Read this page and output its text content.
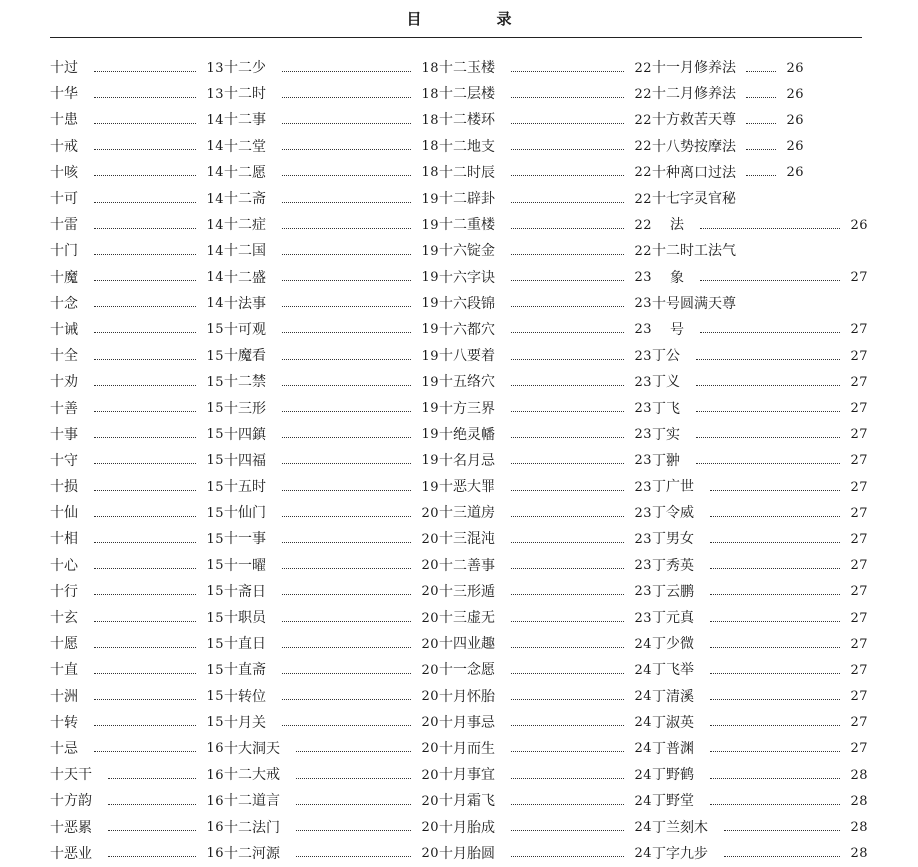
目　录
十过	13
十华	13
十患	14
十戒	14
十咳	14
十可	14
十雷	14
十门	14
十魔	14
十念	14
十诫	15
十全	15
十劝	15
十善	15
十事	15
十守	15
十损	15
十仙	15
十相	15
十心	15
十行	15
十玄	15
十愿	15
十直	15
十洲	15
十转	15
十忌	16
十天干	16
十方韵	16
十恶累	16
十恶业	16
十二少	18
十二时	18
十二事	18
十二堂	18
十二愿	18
十二斋	19
十二症	19
十二国	19
十二盛	19
十法事	19
十可观	19
十魔看	19
十二禁	19
十三形	19
十四鎮	19
十四福	19
十五时	19
十仙门	20
十一事	20
十一曜	20
十斋日	20
十职员	20
十直日	20
十直斋	20
十转位	20
十月关	20
十大洞天	20
十二大戒	20
十二道言	20
十二法门	20
十二河源	20
十二玉楼	22
十二层楼	22
十二楼环	22
十二地支	22
十二时辰	22
十二辟卦	22
十二重楼	22
十六锭金	22
十六字诀	23
十六段锦	23
十六都穴	23
十八要着	23
十五络穴	23
十方三界	23
十绝灵幡	23
十名月忌	23
十恶大罪	23
十三道房	23
十三混沌	23
十二善事	23
十三形遁	23
十三虚无	23
十四业趣	24
十一念愿	24
十月怀胎	24
十月事忌	24
十月而生	24
十月事宜	24
十月霜飞	24
十月胎成	24
十月胎圆	24
十一月修养法	26
十二月修养法	26
十方救苦天尊	26
十八势按摩法	26
十种离口过法	26
十七字灵官秘
法	26
十二时工法气
象	27
十号圆满天尊
号	27
丁公	27
丁义	27
丁飞	27
丁实	27
丁翀	27
丁广世	27
丁令威	27
丁男女	27
丁秀英	27
丁云鹏	27
丁元真	27
丁少微	27
丁飞举	27
丁清溪	27
丁淑英	27
丁普渊	27
丁野鹤	28
丁野堂	28
丁兰刻木	28
丁字九步	28
